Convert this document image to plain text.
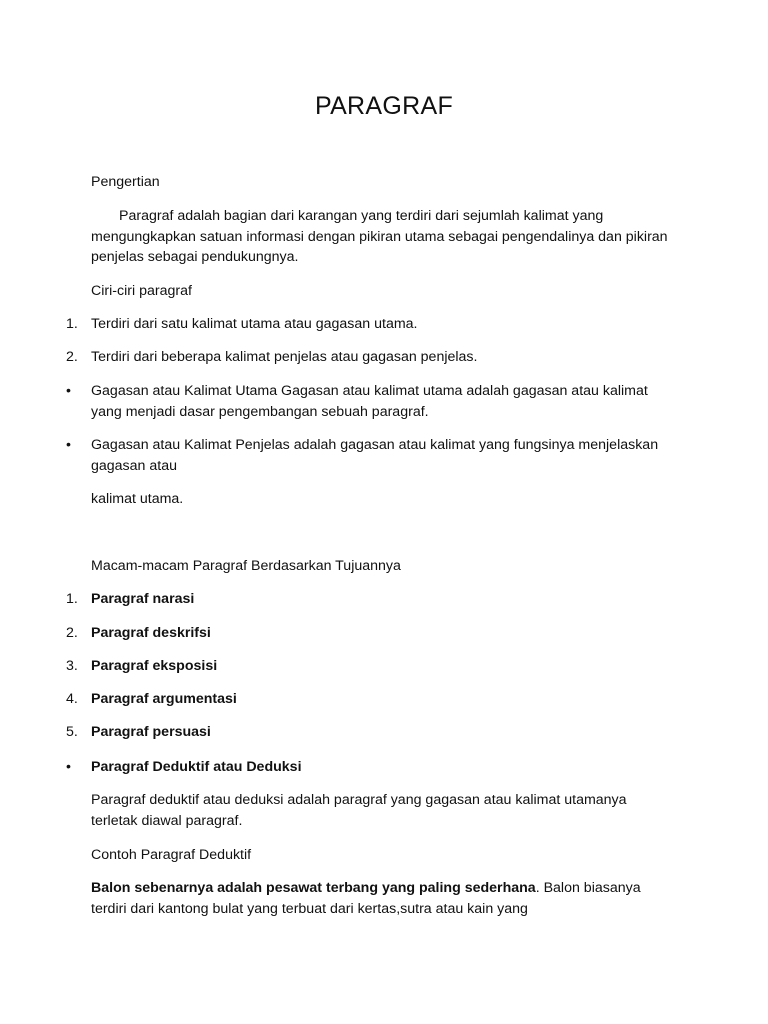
PARAGRAF

Pengertian

Paragraf adalah bagian dari karangan yang terdiri dari sejumlah kalimat yang mengungkapkan satuan informasi dengan pikiran utama sebagai pengendalinya dan pikiran penjelas sebagai pendukungnya.

Ciri-ciri paragraf

1. Terdiri dari satu kalimat utama atau gagasan utama.
2. Terdiri dari beberapa kalimat penjelas atau gagasan penjelas.
•	Gagasan atau Kalimat Utama Gagasan atau kalimat utama adalah gagasan atau kalimat yang menjadi dasar pengembangan sebuah paragraf.
•	Gagasan atau Kalimat Penjelas adalah gagasan atau kalimat yang fungsinya menjelaskan gagasan atau

kalimat utama.

Macam-macam Paragraf Berdasarkan Tujuannya

1. Paragraf narasi
2. Paragraf deskrifsi
3. Paragraf eksposisi
4. Paragraf argumentasi
5. Paragraf persuasi
•	Paragraf Deduktif atau Deduksi

Paragraf deduktif atau deduksi adalah paragraf yang gagasan atau kalimat utamanya terletak diawal paragraf.

Contoh Paragraf Deduktif

Balon sebenarnya adalah pesawat terbang yang paling sederhana. Balon biasanya terdiri dari kantong bulat yang terbuat dari kertas,sutra atau kain yang
